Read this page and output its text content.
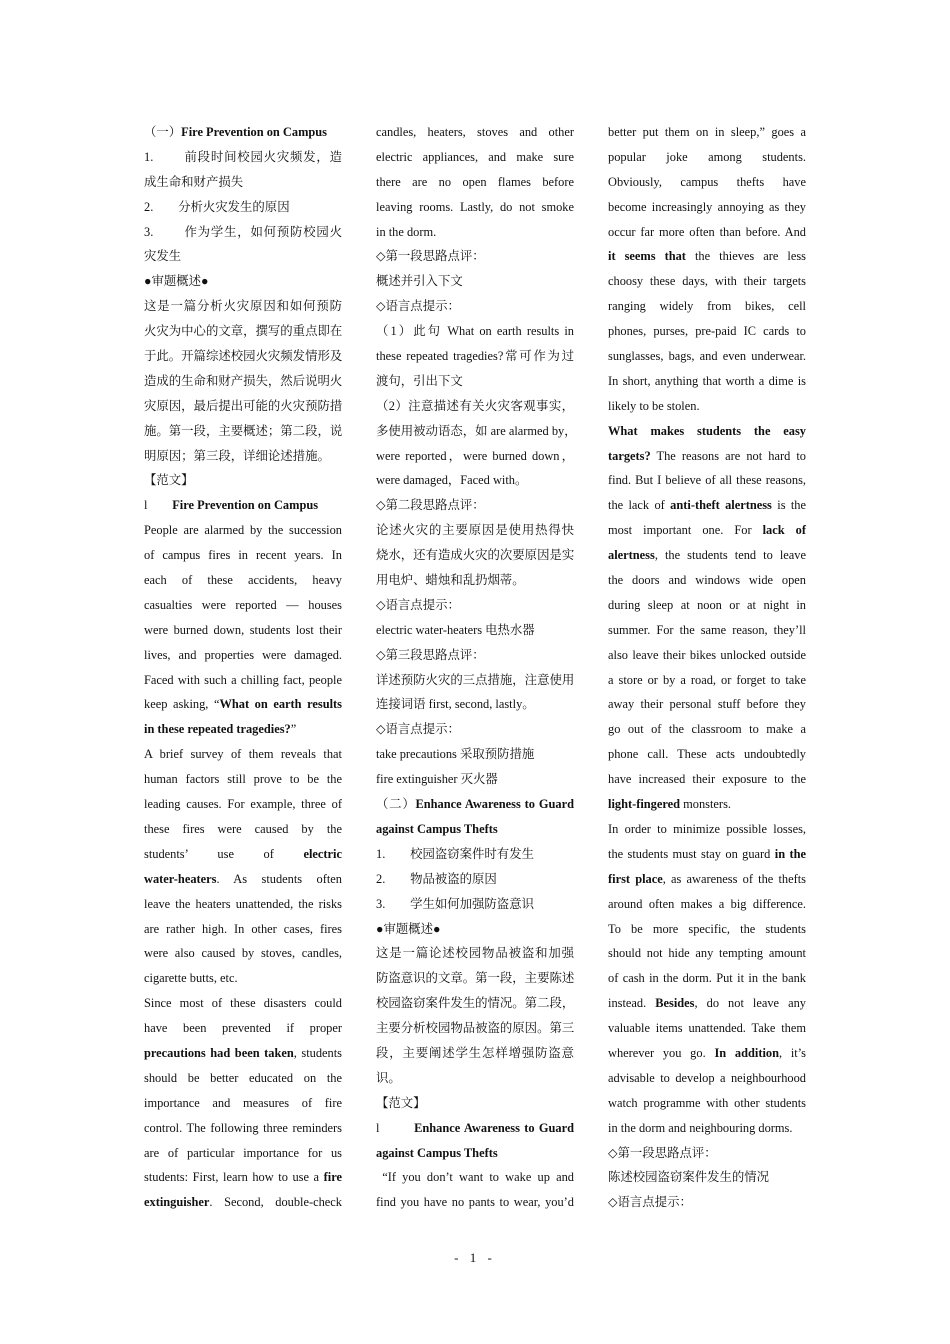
（一）Fire Prevention on Campus
1.        前段时间校园火灾频发，造
成生命和财产损失
2.        分析火灾发生的原因
3.        作为学生，如何预防校园火
灾发生
●审题概述●
这是一篇分析火灾原因和如何预防
火灾为中心的文章，撰写的重点即在
于此。开篇综述校园火灾频发情形及
造成的生命和财产损失，然后说明火
灾原因，最后提出可能的火灾预防措
施。第一段，主要概述；第二段，说
明原因；第三段，详细论述措施。
【范文】
l        Fire Prevention on Campus
People are alarmed by the succession
of campus fires in recent years. In
each of these accidents, heavy
casualties were reported — houses
were burned down, students lost their
lives, and properties were damaged.
Faced with such a chilling fact, people
keep asking, “What on earth results
in these repeated tragedies?”
A brief survey of them reveals that
human factors still prove to be the
leading causes. For example, three of
these fires were caused by the
students’ use of electric
water-heaters. As students often
leave the heaters unattended, the risks
are rather high. In other cases, fires
were also caused by stoves, candles,
cigarette butts, etc.
Since most of these disasters could
have been prevented if proper
precautions had been taken, students
should be better educated on the
importance and measures of fire
control. The following three reminders
are of particular importance for us
students: First, learn how to use a fire
extinguisher. Second, double-check
candles, heaters, stoves and other
electric appliances, and make sure
there are no open flames before
leaving rooms. Lastly, do not smoke
in the dorm.
◇第一段思路点评：
概述并引入下文
◇语言点提示：
（1）此句 What on earth results in
these repeated tragedies?常可作为过
渡句，引出下文
（2）注意描述有关火灾客观事实，
多使用被动语态，如 are alarmed by，
were reported，were burned down，
were damaged，Faced with。
◇第二段思路点评：
论述火灾的主要原因是使用热得快
烧水，还有造成火灾的次要原因是实
用电炉、蜡烛和乱扔烟蒂。
◇语言点提示：
electric water-heaters 电热水器
◇第三段思路点评：
详述预防火灾的三点措施，注意使用
连接词语 first, second, lastly。
◇语言点提示：
take precautions 采取预防措施
fire extinguisher 灭火器
（二）Enhance Awareness to Guard
against Campus Thefts
1.        校园盗窃案件时有发生
2.        物品被盗的原因
3.        学生如何加强防盗意识
●审题概述●
这是一篇论述校园物品被盗和加强
防盗意识的文章。第一段，主要陈述
校园盗窃案件发生的情况。第二段，
主要分析校园物品被盗的原因。第三
段，主要阐述学生怎样增强防盗意
识。
【范文】
l        Enhance Awareness to Guard
against Campus Thefts
“If you don’t want to wake up and
find you have no pants to wear, you’d
better put them on in sleep,” goes a
popular joke among students.
Obviously, campus thefts have
become increasingly annoying as they
occur far more often than before. And
it seems that the thieves are less
choosy these days, with their targets
ranging widely from bikes, cell
phones, purses, pre-paid IC cards to
sunglasses, bags, and even underwear.
In short, anything that worth a dime is
likely to be stolen.
What makes students the easy
targets? The reasons are not hard to
find. But I believe of all these reasons,
the lack of anti-theft alertness is the
most important one. For lack of
alertness, the students tend to leave
the doors and windows wide open
during sleep at noon or at night in
summer. For the same reason, they’ll
also leave their bikes unlocked outside
a store or by a road, or forget to take
away their personal stuff before they
go out of the classroom to make a
phone call. These acts undoubtedly
have increased their exposure to the
light-fingered monsters.
In order to minimize possible losses,
the students must stay on guard in the
first place, as awareness of the thefts
around often makes a big difference.
To be more specific, the students
should not hide any tempting amount
of cash in the dorm. Put it in the bank
instead. Besides, do not leave any
valuable items unattended. Take them
wherever you go. In addition, it’s
advisable to develop a neighbourhood
watch programme with other students
in the dorm and neighbouring dorms.
◇第一段思路点评：
陈述校园盗窃案件发生的情况
◇语言点提示：
- 1 -
